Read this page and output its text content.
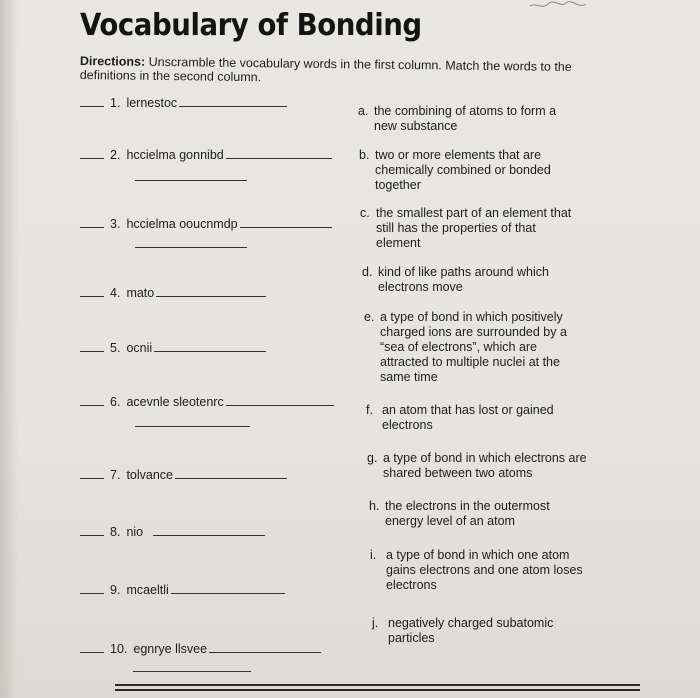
Vocabulary of Bonding
Directions: Unscramble the vocabulary words in the first column. Match the words to the definitions in the second column.
1. lernestoc
2. hccielma gonnibd
3. hccielma ooucnmdp
4. mato
5. ocnii
6. acevnle sleotenrc
7. tolvance
8. nio
9. mcaeltli
10. egnrye llsvee
a. the combining of atoms to form a new substance
b. two or more elements that are chemically combined or bonded together
c. the smallest part of an element that still has the properties of that element
d. kind of like paths around which electrons move
e. a type of bond in which positively charged ions are surrounded by a “sea of electrons”, which are attracted to multiple nuclei at the same time
f. an atom that has lost or gained electrons
g. a type of bond in which electrons are shared between two atoms
h. the electrons in the outermost energy level of an atom
i. a type of bond in which one atom gains electrons and one atom loses electrons
j. negatively charged subatomic particles
